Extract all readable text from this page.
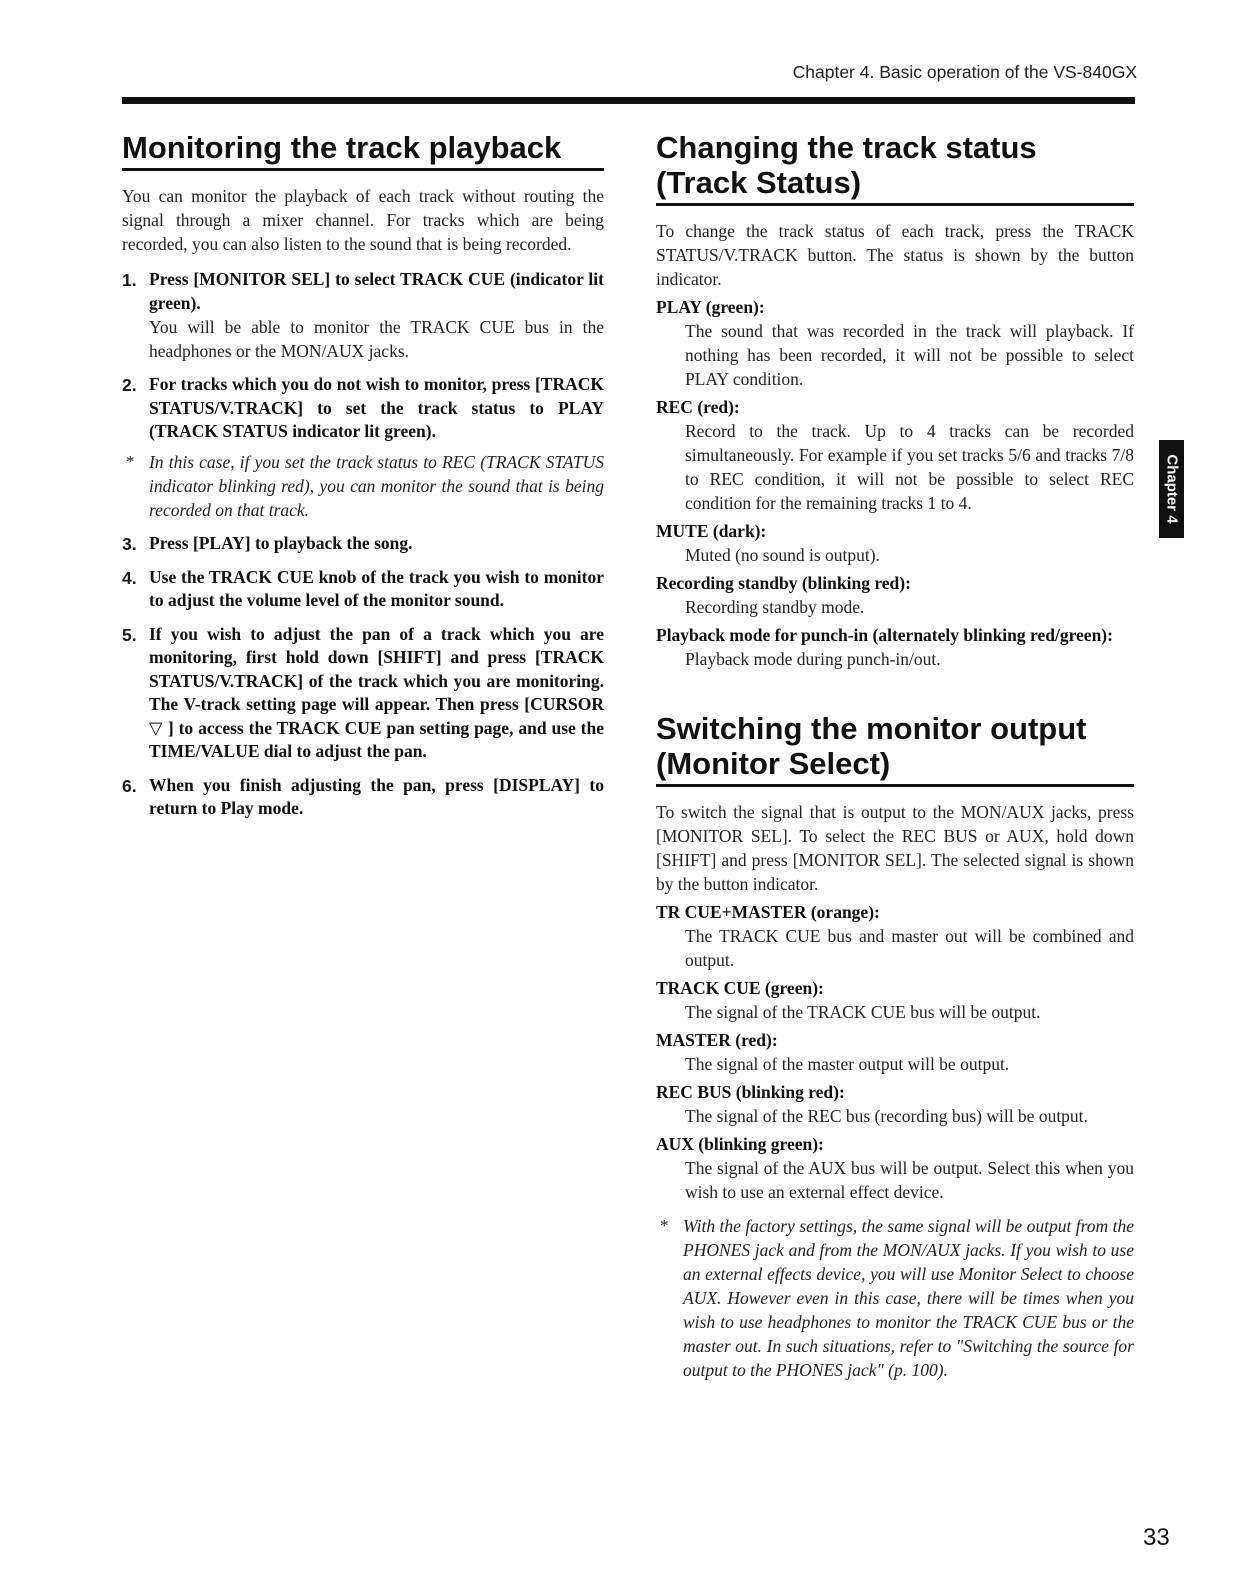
Chapter 4. Basic operation of the VS-840GX
Monitoring the track playback

You can monitor the playback of each track without routing the signal through a mixer channel. For tracks which are being recorded, you can also listen to the sound that is being recorded.

1. Press [MONITOR SEL] to select TRACK CUE (indicator lit green).
You will be able to monitor the TRACK CUE bus in the headphones or the MON/AUX jacks.
2. For tracks which you do not wish to monitor, press [TRACK STATUS/V.TRACK] to set the track status to PLAY (TRACK STATUS indicator lit green).
* In this case, if you set the track status to REC (TRACK STATUS indicator blinking red), you can monitor the sound that is being recorded on that track.
3. Press [PLAY] to playback the song.
4. Use the TRACK CUE knob of the track you wish to monitor to adjust the volume level of the monitor sound.
5. If you wish to adjust the pan of a track which you are monitoring, first hold down [SHIFT] and press [TRACK STATUS/V.TRACK] of the track which you are monitoring. The V-track setting page will appear. Then press [CURSOR ▽ ] to access the TRACK CUE pan setting page, and use the TIME/VALUE dial to adjust the pan.
6. When you finish adjusting the pan, press [DISPLAY] to return to Play mode.
Changing the track status
(Track Status)

To change the track status of each track, press the TRACK STATUS/V.TRACK button. The status is shown by the button indicator.

PLAY (green):
The sound that was recorded in the track will playback. If nothing has been recorded, it will not be possible to select PLAY condition.
REC (red):
Record to the track. Up to 4 tracks can be recorded simultaneously. For example if you set tracks 5/6 and tracks 7/8 to REC condition, it will not be possible to select REC condition for the remaining tracks 1 to 4.
MUTE (dark):
Muted (no sound is output).
Recording standby (blinking red):
Recording standby mode.
Playback mode for punch-in (alternately blinking red/green):
Playback mode during punch-in/out.
Switching the monitor output
(Monitor Select)

To switch the signal that is output to the MON/AUX jacks, press [MONITOR SEL]. To select the REC BUS or AUX, hold down [SHIFT] and press [MONITOR SEL]. The selected signal is shown by the button indicator.

TR CUE+MASTER (orange):
The TRACK CUE bus and master out will be combined and output.
TRACK CUE (green):
The signal of the TRACK CUE bus will be output.
MASTER (red):
The signal of the master output will be output.
REC BUS (blinking red):
The signal of the REC bus (recording bus) will be output.
AUX (blinking green):
The signal of the AUX bus will be output. Select this when you wish to use an external effect device.
* With the factory settings, the same signal will be output from the PHONES jack and from the MON/AUX jacks. If you wish to use an external effects device, you will use Monitor Select to choose AUX. However even in this case, there will be times when you wish to use headphones to monitor the TRACK CUE bus or the master out. In such situations, refer to "Switching the source for output to the PHONES jack" (p. 100).
Chapter 4
33
